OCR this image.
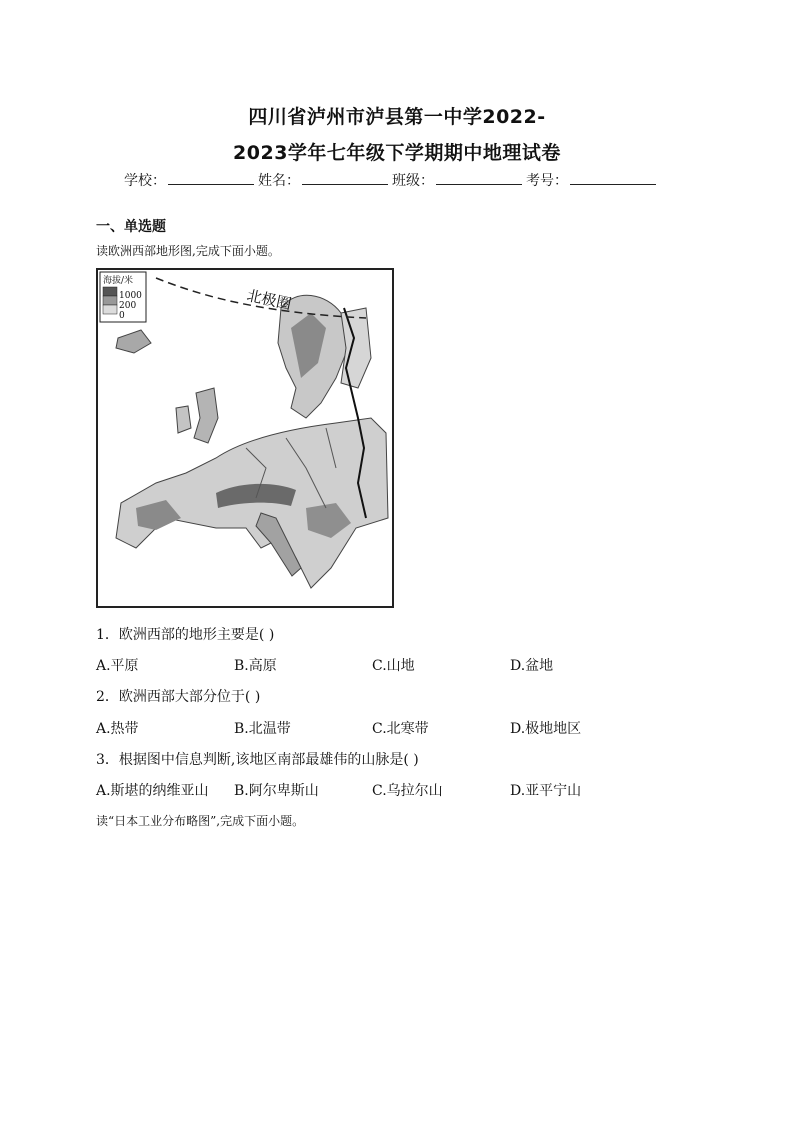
四川省泸州市泸县第一中学2022-
2023学年七年级下学期期中地理试卷
学校：	姓名：	班级：	考号：
一、单选题
读欧洲西部地形图,完成下面小题。
北极圈
海拔/米
1000
200
0
1．欧洲西部的地形主要是( )
A.平原	B.高原	C.山地	D.盆地
2．欧洲西部大部分位于( )
A.热带	B.北温带	C.北寒带	D.极地地区
3．根据图中信息判断,该地区南部最雄伟的山脉是( )
A.斯堪的纳维亚山 B.阿尔卑斯山	C.乌拉尔山	D.亚平宁山
读“日本工业分布略图”,完成下面小题。
